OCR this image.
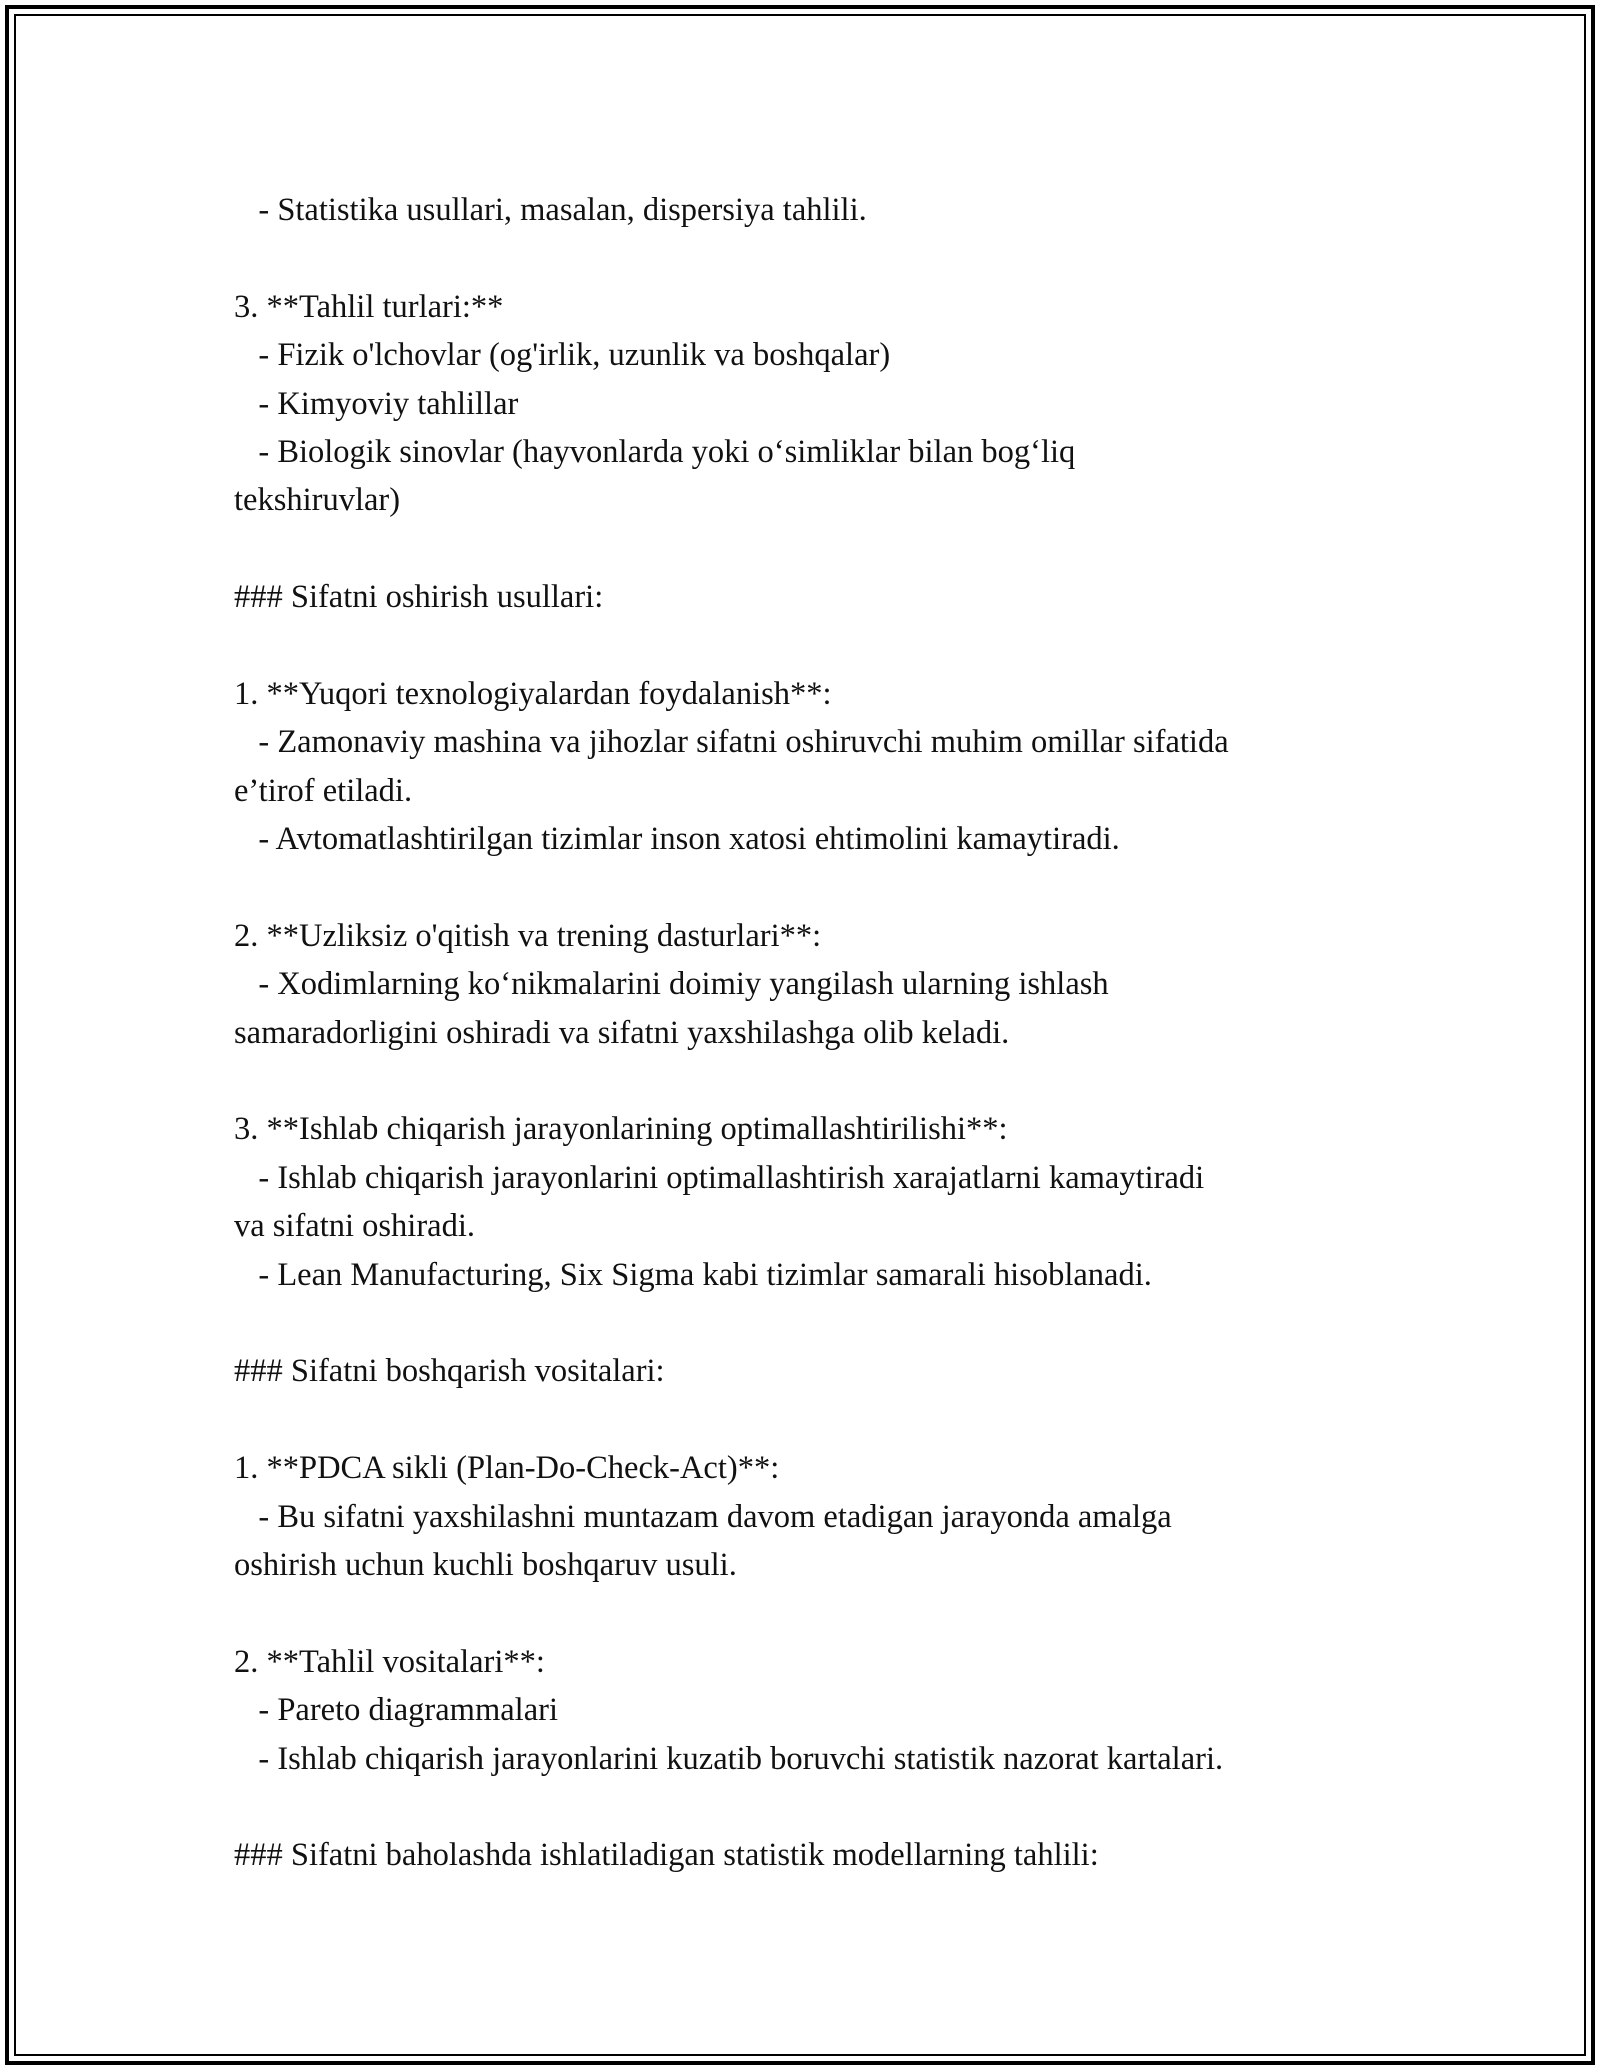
- Statistika usullari, masalan, dispersiya tahlili.
3. **Tahlil turlari:**
- Fizik o'lchovlar (og'irlik, uzunlik va boshqalar)
- Kimyoviy tahlillar
- Biologik sinovlar (hayvonlarda yoki o‘simliklar bilan bog‘liq
tekshiruvlar)
### Sifatni oshirish usullari:
1. **Yuqori texnologiyalardan foydalanish**:
- Zamonaviy mashina va jihozlar sifatni oshiruvchi muhim omillar sifatida
e’tirof etiladi.
- Avtomatlashtirilgan tizimlar inson xatosi ehtimolini kamaytiradi.
2. **Uzliksiz o'qitish va trening dasturlari**:
- Xodimlarning ko‘nikmalarini doimiy yangilash ularning ishlash
samaradorligini oshiradi va sifatni yaxshilashga olib keladi.
3. **Ishlab chiqarish jarayonlarining optimallashtirilishi**:
- Ishlab chiqarish jarayonlarini optimallashtirish xarajatlarni kamaytiradi
va sifatni oshiradi.
- Lean Manufacturing, Six Sigma kabi tizimlar samarali hisoblanadi.
### Sifatni boshqarish vositalari:
1. **PDCA sikli (Plan-Do-Check-Act)**:
- Bu sifatni yaxshilashni muntazam davom etadigan jarayonda amalga
oshirish uchun kuchli boshqaruv usuli.
2. **Tahlil vositalari**:
- Pareto diagrammalari
- Ishlab chiqarish jarayonlarini kuzatib boruvchi statistik nazorat kartalari.
### Sifatni baholashda ishlatiladigan statistik modellarning tahlili:
